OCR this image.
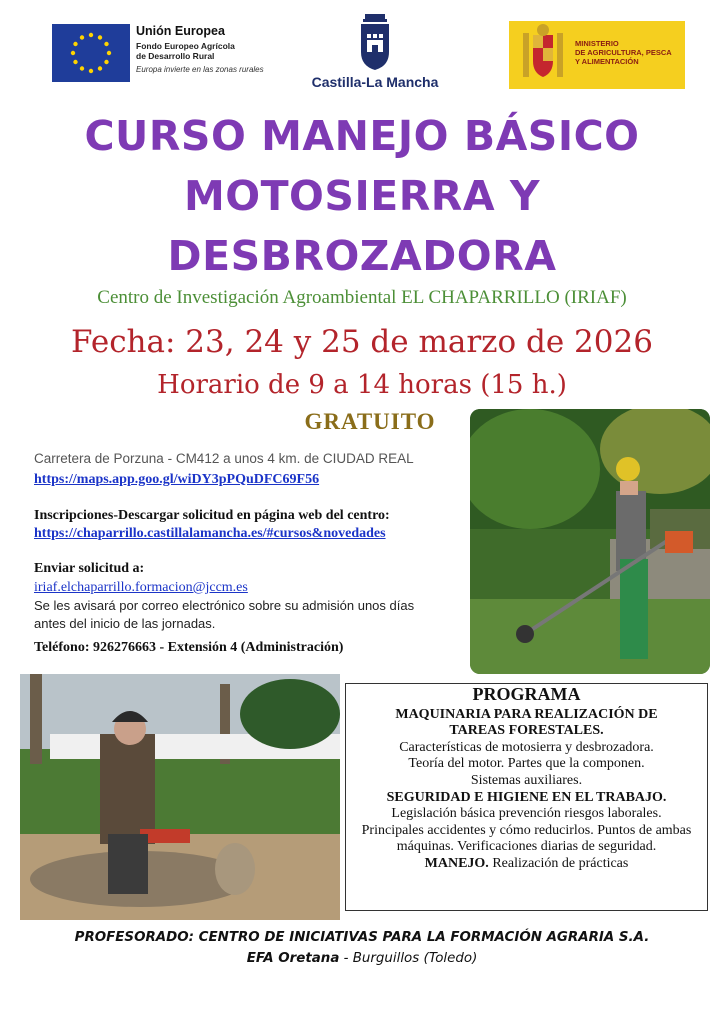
Unión Europea
Fondo Europeo Agrícola
de Desarrollo Rural
Europa invierte en las zonas rurales
Castilla-La Mancha
MINISTERIO
DE AGRICULTURA, PESCA
Y ALIMENTACIÓN
CURSO MANEJO BÁSICO
MOTOSIERRA Y
DESBROZADORA
Centro de Investigación Agroambiental EL CHAPARRILLO (IRIAF)
Fecha: 23, 24 y 25 de marzo de 2026
Horario de 9 a 14 horas (15 h.)
GRATUITO
Carretera de Porzuna - CM412 a unos 4 km. de CIUDAD REAL
https://maps.app.goo.gl/wiDY3pPQuDFC69F56
Inscripciones-Descargar solicitud en página web del centro:
https://chaparrillo.castillalamancha.es/#cursos&novedades
Enviar solicitud a:
iriaf.elchaparrillo.formacion@jccm.es
Se les avisará por correo electrónico sobre su admisión unos días
antes del inicio de las jornadas.
Teléfono: 926276663 - Extensión 4 (Administración)
PROGRAMA
MAQUINARIA PARA REALIZACIÓN DE TAREAS FORESTALES.
Características de motosierra y desbrozadora.
Teoría del motor. Partes que la componen.
Sistemas auxiliares.
SEGURIDAD E HIGIENE EN EL TRABAJO.
Legislación básica prevención riesgos laborales.
Principales accidentes y cómo reducirlos. Puntos de ambas máquinas. Verificaciones diarias de seguridad.
MANEJO. Realización de prácticas
PROFESORADO: CENTRO DE INICIATIVAS PARA LA FORMACIÓN AGRARIA S.A.
EFA Oretana - Burguillos (Toledo)
